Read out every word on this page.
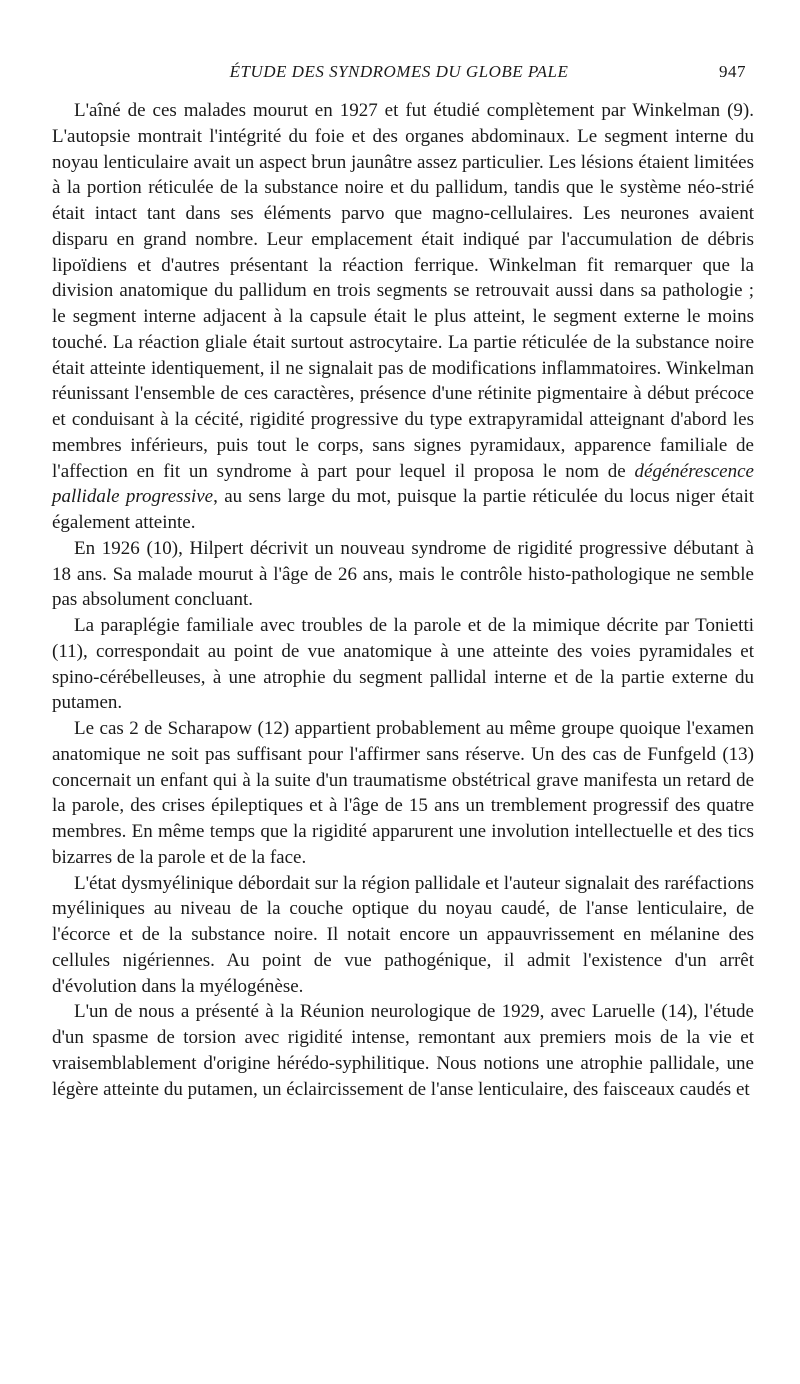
ÉTUDE DES SYNDROMES DU GLOBE PALE	947

L'aîné de ces malades mourut en 1927 et fut étudié complètement par Winkelman (9). L'autopsie montrait l'intégrité du foie et des organes abdominaux. Le segment interne du noyau lenticulaire avait un aspect brun jaunâtre assez particulier. Les lésions étaient limitées à la portion réticulée de la substance noire et du pallidum, tandis que le système néo-strié était intact tant dans ses éléments parvo que magno-cellulaires. Les neurones avaient disparu en grand nombre. Leur emplacement était indiqué par l'accumulation de débris lipoïdiens et d'autres présentant la réaction ferrique. Winkelman fit remarquer que la division anatomique du pallidum en trois segments se retrouvait aussi dans sa pathologie ; le segment interne adjacent à la capsule était le plus atteint, le segment externe le moins touché. La réaction gliale était surtout astrocytaire. La partie réticulée de la substance noire était atteinte identiquement, il ne signalait pas de modifications inflammatoires. Winkelman réunissant l'ensemble de ces caractères, présence d'une rétinite pigmentaire à début précoce et conduisant à la cécité, rigidité progressive du type extrapyramidal atteignant d'abord les membres inférieurs, puis tout le corps, sans signes pyramidaux, apparence familiale de l'affection en fit un syndrome à part pour lequel il proposa le nom de dégénérescence pallidale progressive, au sens large du mot, puisque la partie réticulée du locus niger était également atteinte.

En 1926 (10), Hilpert décrivit un nouveau syndrome de rigidité progressive débutant à 18 ans. Sa malade mourut à l'âge de 26 ans, mais le contrôle histo-pathologique ne semble pas absolument concluant.

La paraplégie familiale avec troubles de la parole et de la mimique décrite par Tonietti (11), correspondait au point de vue anatomique à une atteinte des voies pyramidales et spino-cérébelleuses, à une atrophie du segment pallidal interne et de la partie externe du putamen.

Le cas 2 de Scharapow (12) appartient probablement au même groupe quoique l'examen anatomique ne soit pas suffisant pour l'affirmer sans réserve. Un des cas de Funfgeld (13) concernait un enfant qui à la suite d'un traumatisme obstétrical grave manifesta un retard de la parole, des crises épileptiques et à l'âge de 15 ans un tremblement progressif des quatre membres. En même temps que la rigidité apparurent une involution intellectuelle et des tics bizarres de la parole et de la face.

L'état dysmyélinique débordait sur la région pallidale et l'auteur signalait des raréfactions myéliniques au niveau de la couche optique du noyau caudé, de l'anse lenticulaire, de l'écorce et de la substance noire. Il notait encore un appauvrissement en mélanine des cellules nigériennes. Au point de vue pathogénique, il admit l'existence d'un arrêt d'évolution dans la myélogénèse.

L'un de nous a présenté à la Réunion neurologique de 1929, avec Laruelle (14), l'étude d'un spasme de torsion avec rigidité intense, remontant aux premiers mois de la vie et vraisemblablement d'origine hérédo-syphilitique. Nous notions une atrophie pallidale, une légère atteinte du putamen, un éclaircissement de l'anse lenticulaire, des faisceaux caudés et
